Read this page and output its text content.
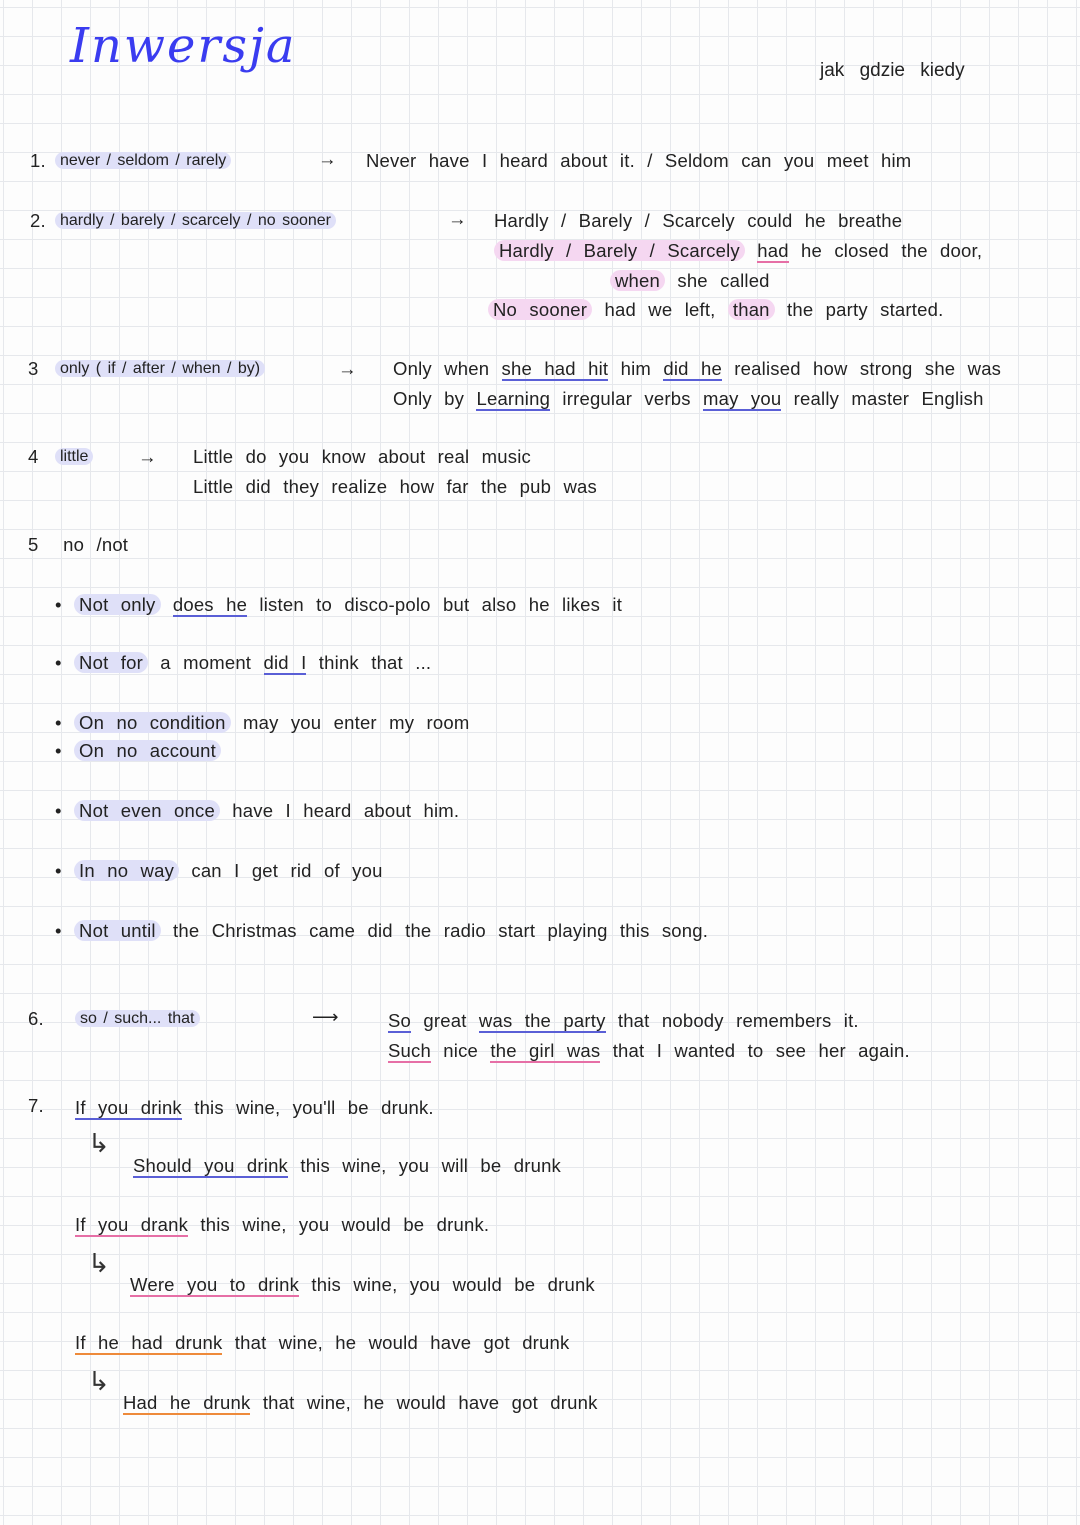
Inwersja	jak gdzie kiedy
↳
↳
↳
1. never / seldom / rarely	→ Never have I heard about it. / Seldom can you meet him
2. hardly / barely / scarcely / no sooner	→ Hardly / Barely / Scarcely could he breathe
Hardly / Barely / Scarcely had he closed the door,
when she called
No sooner had we left, than the party started.
3	only ( if / after / when / by)	→ Only when she had hit him did he realised how strong she was
Only by Learning irregular verbs may you really master English
4	little	→ Little do you know about real music
Little did they realize how far the pub was
5  no /not
• Not only does he listen to disco-polo but also he likes it
• Not for a moment did I think that ...
• On no condition may you enter my room
• On no account
• Not even once have I heard about him.
• In no way can I get rid of you
• Not until the Christmas came did the radio start playing this song.
6.	so / such... that	⟶	So great was the party that nobody remembers it.
Such nice the girl was that I wanted to see her again.
7. If you drink this wine, you'll be drunk.
Should you drink this wine, you will be drunk
If you drank this wine, you would be drunk.
Were you to drink this wine, you would be drunk
If he had drunk that wine, he would have got drunk
Had he drunk that wine, he would have got drunk
